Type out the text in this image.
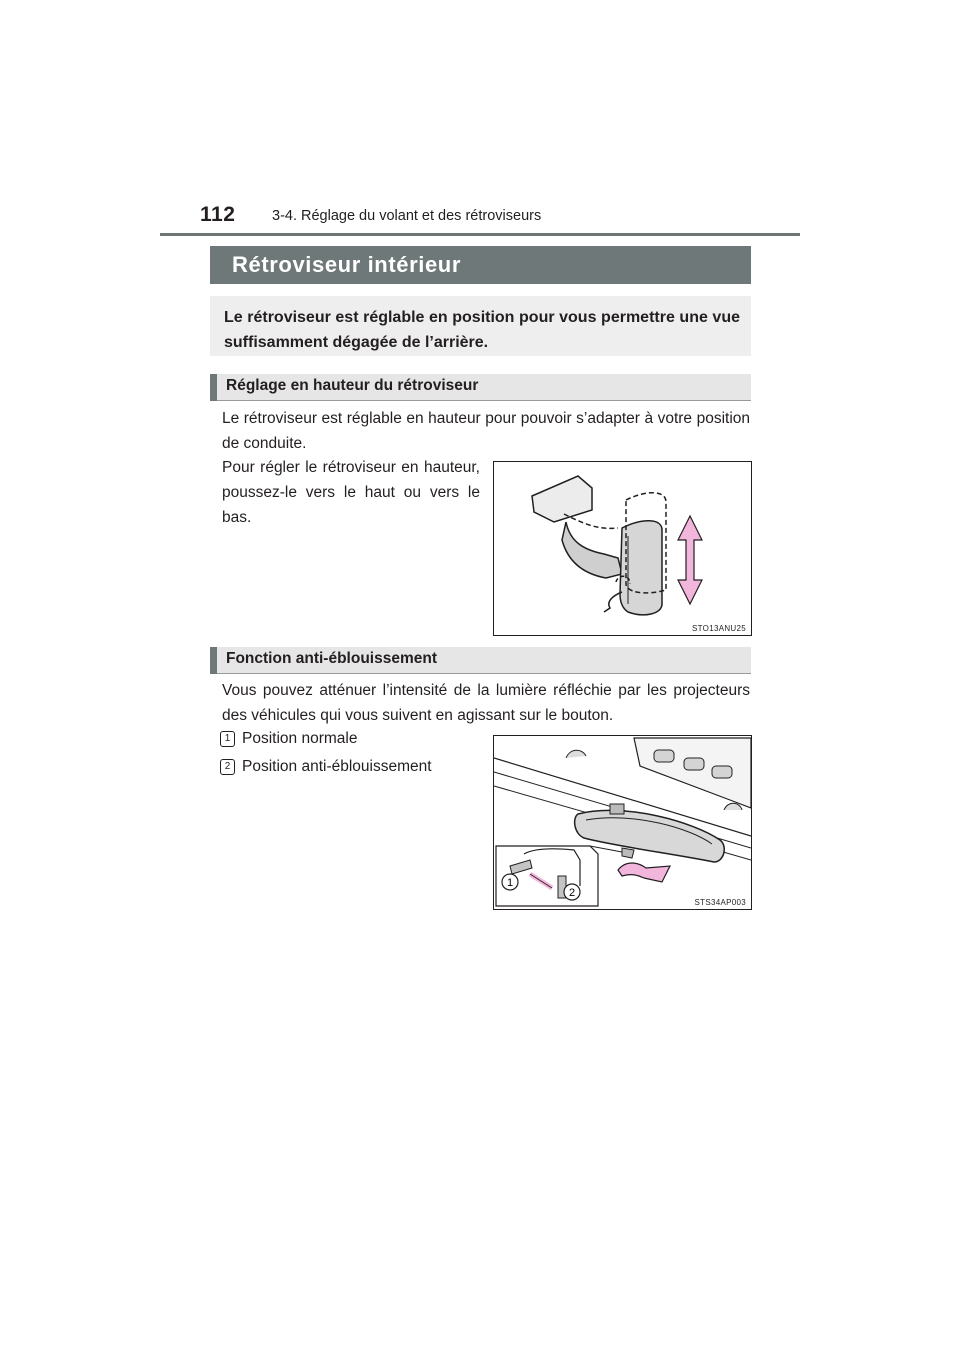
112	3-4. Réglage du volant et des rétroviseurs
Rétroviseur intérieur
Le rétroviseur est réglable en position pour vous permettre une vue suffisamment dégagée de l’arrière.
Réglage en hauteur du rétroviseur
Le rétroviseur est réglable en hauteur pour pouvoir s’adapter à votre position de conduite.
Pour régler le rétroviseur en hauteur, poussez-le vers le haut ou vers le bas.
STO13ANU25
Fonction anti-éblouissement
Vous pouvez atténuer l’intensité de la lumière réfléchie par les projecteurs des véhicules qui vous suivent en agissant sur le bouton.
1 Position normale
2 Position anti-éblouissement
1
2
STS34AP003
